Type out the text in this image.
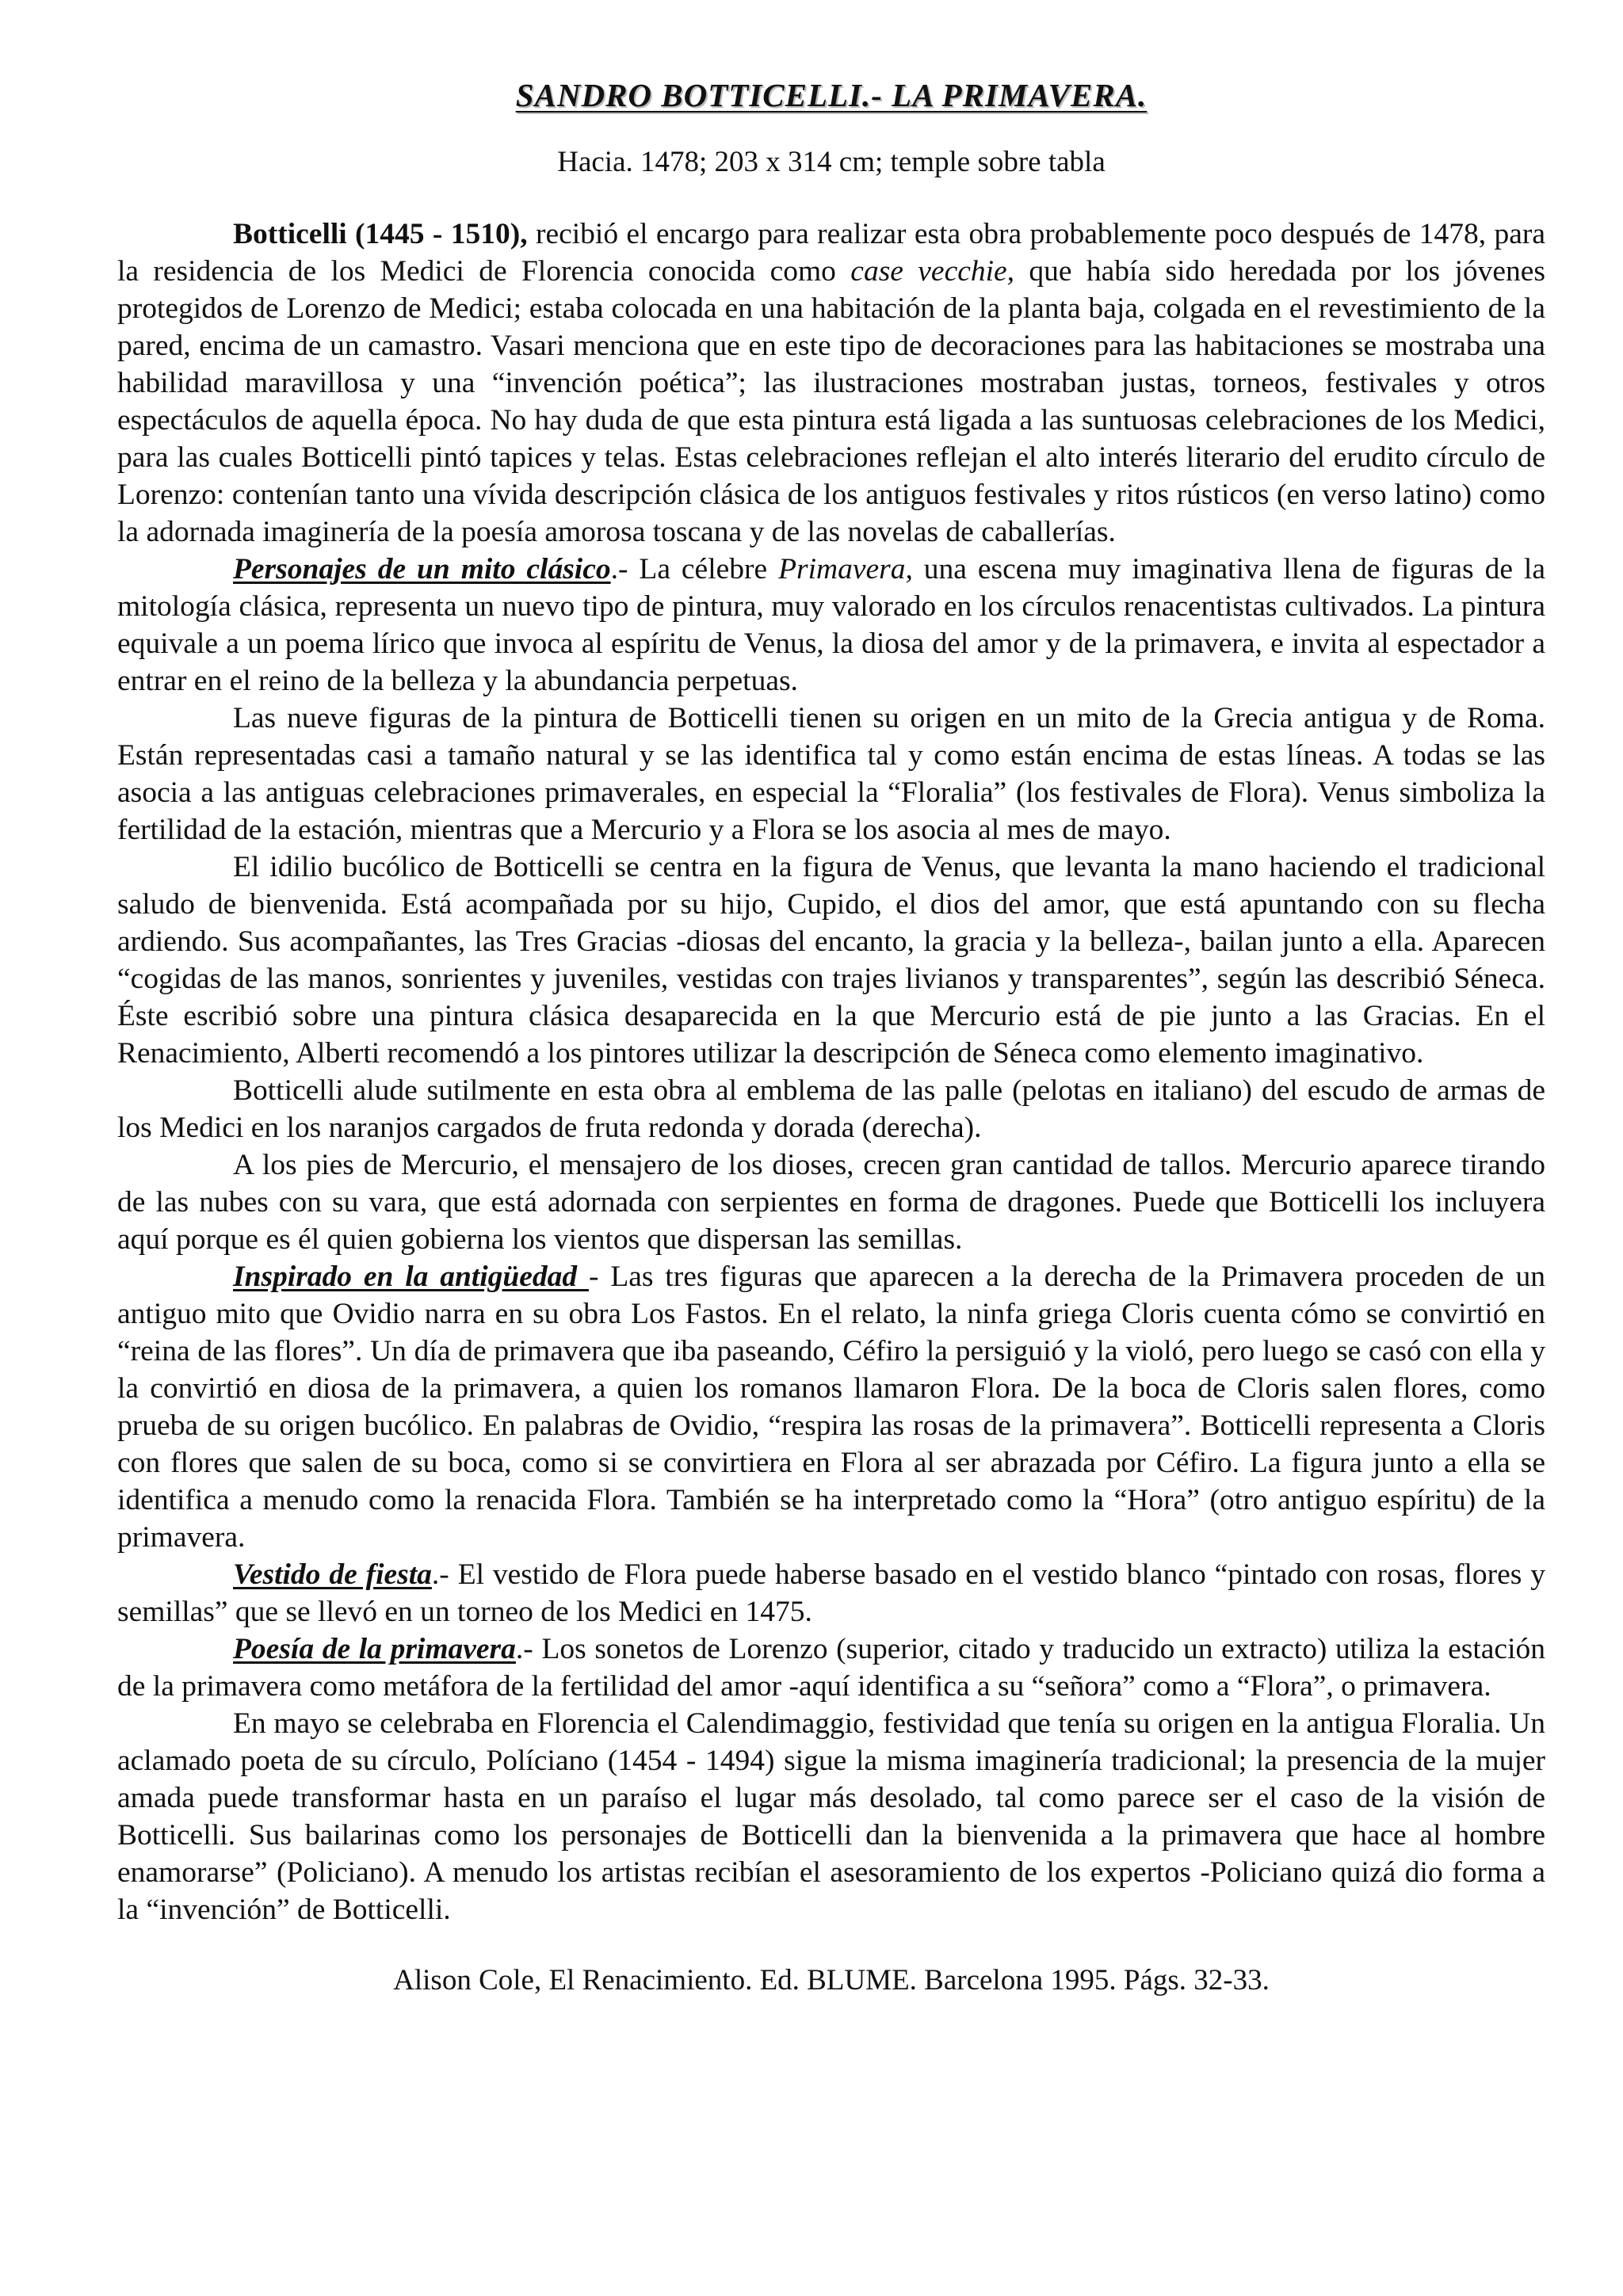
SANDRO BOTTICELLI.- LA PRIMAVERA.
Hacia. 1478; 203 x 314 cm; temple sobre tabla

Botticelli (1445 - 1510), recibió el encargo para realizar esta obra probablemente poco después de 1478, para la residencia de los Medici de Florencia conocida como case vecchie, que había sido heredada por los jóvenes protegidos de Lorenzo de Medici; estaba colocada en una habitación de la planta baja, colgada en el revestimiento de la pared, encima de un camastro. Vasari menciona que en este tipo de decoraciones para las habitaciones se mostraba una habilidad maravillosa y una “invención poética”; las ilustraciones mostraban justas, torneos, festivales y otros espectáculos de aquella época. No hay duda de que esta pintura está ligada a las suntuosas celebraciones de los Medici, para las cuales Botticelli pintó tapices y telas. Estas celebraciones reflejan el alto interés literario del erudito círculo de Lorenzo: contenían tanto una vívida descripción clásica de los antiguos festivales y ritos rústicos (en verso latino) como la adornada imaginería de la poesía amorosa toscana y de las novelas de caballerías.

Personajes de un mito clásico.- La célebre Primavera, una escena muy imaginativa llena de figuras de la mitología clásica, representa un nuevo tipo de pintura, muy valorado en los círculos renacentistas cultivados. La pintura equivale a un poema lírico que invoca al espíritu de Venus, la diosa del amor y de la primavera, e invita al espectador a entrar en el reino de la belleza y la abundancia perpetuas.

Las nueve figuras de la pintura de Botticelli tienen su origen en un mito de la Grecia antigua y de Roma. Están representadas casi a tamaño natural y se las identifica tal y como están encima de estas líneas. A todas se las asocia a las antiguas celebraciones primaverales, en especial la “Floralia” (los festivales de Flora). Venus simboliza la fertilidad de la estación, mientras que a Mercurio y a Flora se los asocia al mes de mayo.

El idilio bucólico de Botticelli se centra en la figura de Venus, que levanta la mano haciendo el tradicional saludo de bienvenida. Está acompañada por su hijo, Cupido, el dios del amor, que está apuntando con su flecha ardiendo. Sus acompañantes, las Tres Gracias -diosas del encanto, la gracia y la belleza-, bailan junto a ella. Aparecen “cogidas de las manos, sonrientes y juveniles, vestidas con trajes livianos y transparentes”, según las describió Séneca. Éste escribió sobre una pintura clásica desaparecida en la que Mercurio está de pie junto a las Gracias. En el Renacimiento, Alberti recomendó a los pintores utilizar la descripción de Séneca como elemento imaginativo.

Botticelli alude sutilmente en esta obra al emblema de las palle (pelotas en italiano) del escudo de armas de los Medici en los naranjos cargados de fruta redonda y dorada (derecha).

A los pies de Mercurio, el mensajero de los dioses, crecen gran cantidad de tallos. Mercurio aparece tirando de las nubes con su vara, que está adornada con serpientes en forma de dragones. Puede que Botticelli los incluyera aquí porque es él quien gobierna los vientos que dispersan las semillas.

Inspirado en la antigüedad - Las tres figuras que aparecen a la derecha de la Primavera proceden de un antiguo mito que Ovidio narra en su obra Los Fastos. En el relato, la ninfa griega Cloris cuenta cómo se convirtió en “reina de las flores”. Un día de primavera que iba paseando, Céfiro la persiguió y la violó, pero luego se casó con ella y la convirtió en diosa de la primavera, a quien los romanos llamaron Flora. De la boca de Cloris salen flores, como prueba de su origen bucólico. En palabras de Ovidio, “respira las rosas de la primavera”. Botticelli representa a Cloris con flores que salen de su boca, como si se convirtiera en Flora al ser abrazada por Céfiro. La figura junto a ella se identifica a menudo como la renacida Flora. También se ha interpretado como la “Hora” (otro antiguo espíritu) de la primavera.

Vestido de fiesta.- El vestido de Flora puede haberse basado en el vestido blanco “pintado con rosas, flores y semillas” que se llevó en un torneo de los Medici en 1475.

Poesía de la primavera.- Los sonetos de Lorenzo (superior, citado y traducido un extracto) utiliza la estación de la primavera como metáfora de la fertilidad del amor -aquí identifica a su “señora” como a “Flora”, o primavera.

En mayo se celebraba en Florencia el Calendimaggio, festividad que tenía su origen en la antigua Floralia. Un aclamado poeta de su círculo, Políciano (1454 - 1494) sigue la misma imaginería tradicional; la presencia de la mujer amada puede transformar hasta en un paraíso el lugar más desolado, tal como parece ser el caso de la visión de Botticelli. Sus bailarinas como los personajes de Botticelli dan la bienvenida a la primavera que hace al hombre enamorarse” (Policiano). A menudo los artistas recibían el asesoramiento de los expertos -Policiano quizá dio forma a la “invención” de Botticelli.

Alison Cole, El Renacimiento. Ed. BLUME. Barcelona 1995. Págs. 32-33.
